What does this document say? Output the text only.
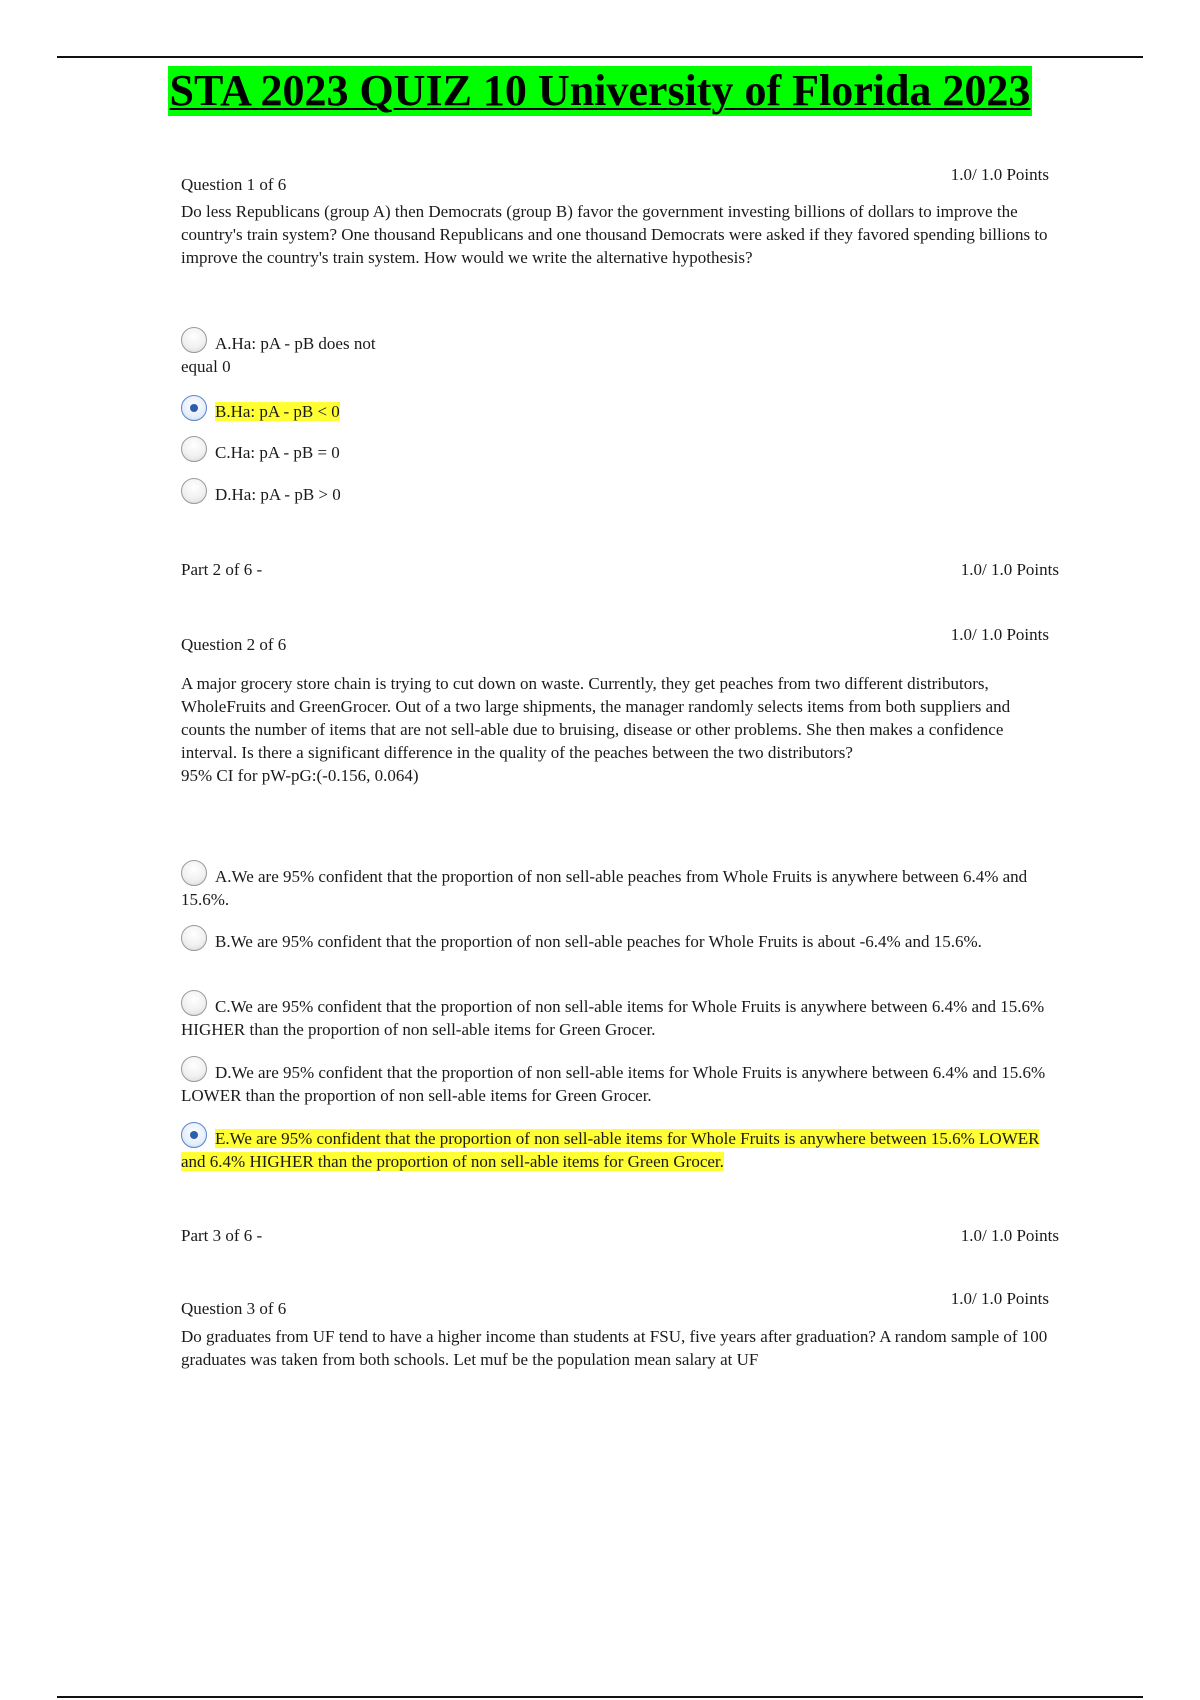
STA 2023 QUIZ 10 University of Florida 2023
Question 1 of 6
1.0/ 1.0 Points
Do less Republicans (group A) then Democrats (group B) favor the government investing billions of dollars to improve the country's train system? One thousand Republicans and one thousand Democrats were asked if they favored spending billions to improve the country's train system. How would we write the alternative hypothesis?
A.Ha: pA - pB does not
equal 0
B.Ha: pA - pB < 0
C.Ha: pA - pB = 0
D.Ha: pA - pB > 0
Part 2 of 6 -	1.0/ 1.0 Points
Question 2 of 6
1.0/ 1.0 Points
A major grocery store chain is trying to cut down on waste. Currently, they get peaches from two different distributors, WholeFruits and GreenGrocer. Out of a two large shipments, the manager randomly selects items from both suppliers and counts the number of items that are not sell-able due to bruising, disease or other problems. She then makes a confidence interval. Is there a significant difference in the quality of the peaches between the two distributors?
95% CI for pW-pG:(-0.156, 0.064)
A.We are 95% confident that the proportion of non sell-able peaches from Whole Fruits is anywhere between 6.4% and 15.6%.
B.We are 95% confident that the proportion of non sell-able peaches for Whole Fruits is about -6.4% and 15.6%.
C.We are 95% confident that the proportion of non sell-able items for Whole Fruits is anywhere between 6.4% and 15.6% HIGHER than the proportion of non sell-able items for Green Grocer.
D.We are 95% confident that the proportion of non sell-able items for Whole Fruits is anywhere between 6.4% and 15.6% LOWER than the proportion of non sell-able items for Green Grocer.
E.We are 95% confident that the proportion of non sell-able items for Whole Fruits is anywhere between 15.6% LOWER and 6.4% HIGHER than the proportion of non sell-able items for Green Grocer.
Part 3 of 6 -	1.0/ 1.0 Points
Question 3 of 6
1.0/ 1.0 Points
Do graduates from UF tend to have a higher income than students at FSU, five years after graduation? A random sample of 100 graduates was taken from both schools. Let muf be the population mean salary at UF
